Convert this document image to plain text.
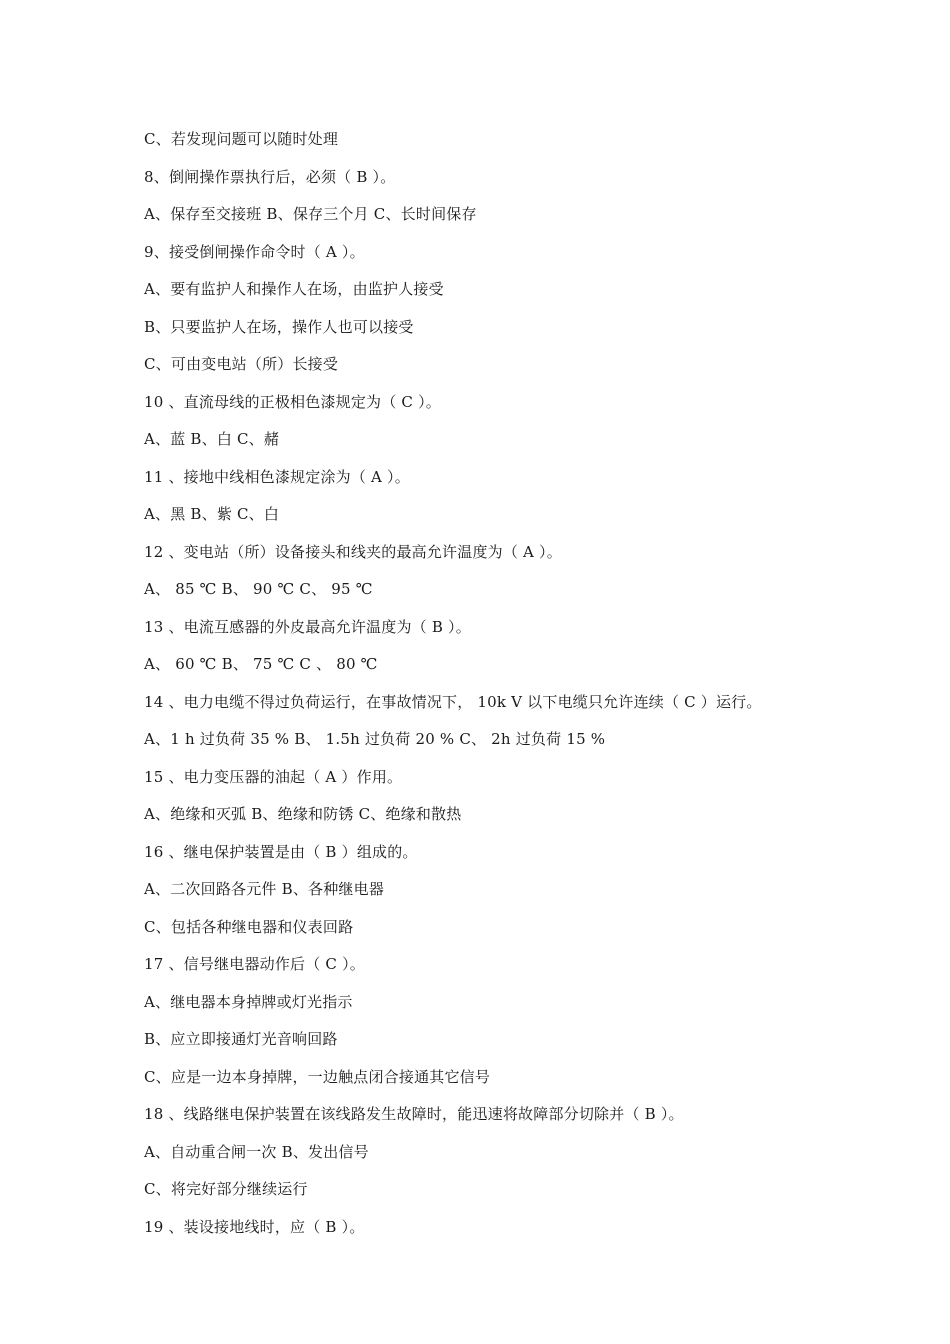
C、若发现问题可以随时处理
8、倒闸操作票执行后，必须（ B ）。
A、保存至交接班 B、保存三个月 C、长时间保存
9、接受倒闸操作命令时（ A ）。
A、要有监护人和操作人在场，由监护人接受
B、只要监护人在场，操作人也可以接受
C、可由变电站（所）长接受
10 、直流母线的正极相色漆规定为（ C ）。
A、蓝 B、白 C、赭
11 、接地中线相色漆规定涂为（ A ）。
A、黑 B、紫 C、白
12 、变电站（所）设备接头和线夹的最高允许温度为（ A ）。
A、 85 ℃ B、 90 ℃ C、 95 ℃
13 、电流互感器的外皮最高允许温度为（ B ）。
A、 60 ℃ B、 75 ℃ C 、 80 ℃
14 、电力电缆不得过负荷运行，在事故情况下， 10k V 以下电缆只允许连续（ C ）运行。
A、1 h 过负荷 35 % B、 1.5h 过负荷 20 % C、 2h 过负荷 15 %
15 、电力变压器的油起（ A ）作用。
A、绝缘和灭弧 B、绝缘和防锈 C、绝缘和散热
16 、继电保护装置是由（ B ）组成的。
A、二次回路各元件 B、各种继电器
C、包括各种继电器和仪表回路
17 、信号继电器动作后（ C ）。
A、继电器本身掉牌或灯光指示
B、应立即接通灯光音响回路
C、应是一边本身掉牌，一边触点闭合接通其它信号
18 、线路继电保护装置在该线路发生故障时，能迅速将故障部分切除并（ B ）。
A、自动重合闸一次 B、发出信号
C、将完好部分继续运行
19 、装设接地线时，应（ B ）。
